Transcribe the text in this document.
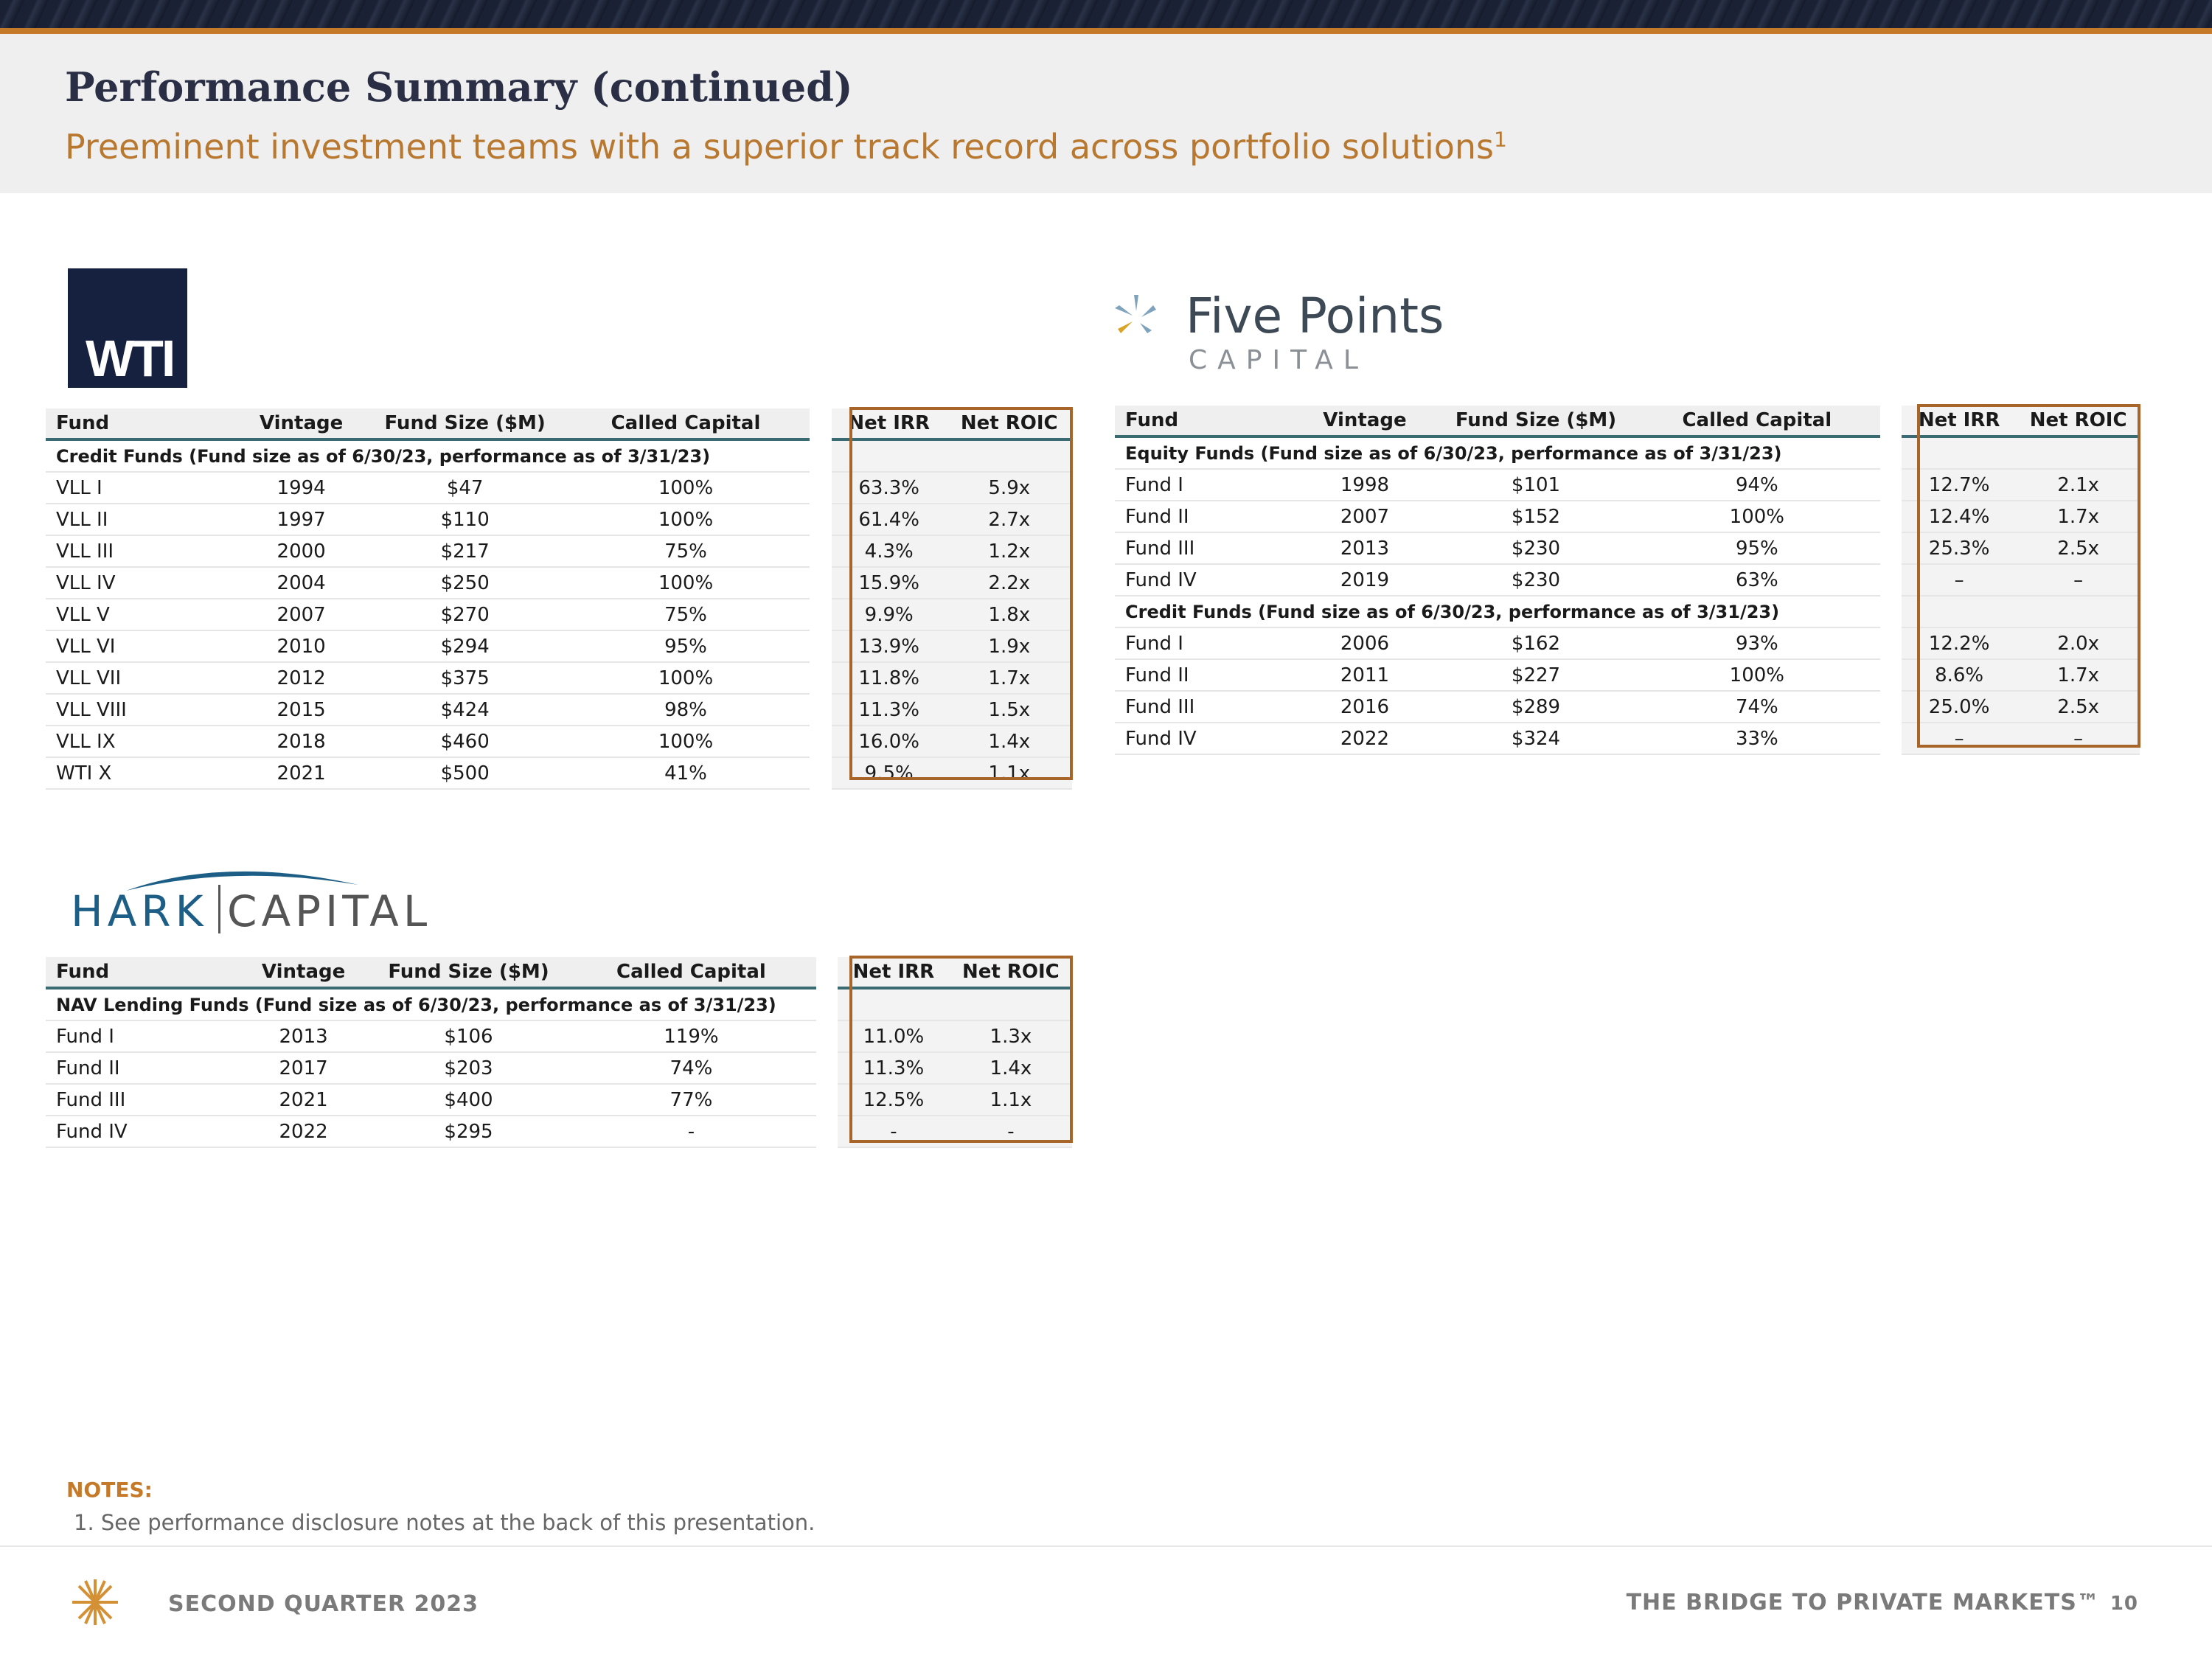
Performance Summary (continued)
Preeminent investment teams with a superior track record across portfolio solutions$^1$
WTI
Five Points
CAPITAL
HARK CAPITAL
Fund	Vintage	Fund Size ($M)	Called Capital		Net IRR	Net ROIC
Credit Funds (Fund size as of 6/30/23, performance as of 3/31/23)						
VLL I	1994	$47	100%		63.3%	5.9x
VLL II	1997	$110	100%		61.4%	2.7x
VLL III	2000	$217	75%		4.3%	1.2x
VLL IV	2004	$250	100%		15.9%	2.2x
VLL V	2007	$270	75%		9.9%	1.8x
VLL VI	2010	$294	95%		13.9%	1.9x
VLL VII	2012	$375	100%		11.8%	1.7x
VLL VIII	2015	$424	98%		11.3%	1.5x
VLL IX	2018	$460	100%		16.0%	1.4x
WTI X	2021	$500	41%		9.5%	1.1x
Fund	Vintage	Fund Size ($M)	Called Capital		Net IRR	Net ROIC
Equity Funds (Fund size as of 6/30/23, performance as of 3/31/23)						
Fund I	1998	$101	94%		12.7%	2.1x
Fund II	2007	$152	100%		12.4%	1.7x
Fund III	2013	$230	95%		25.3%	2.5x
Fund IV	2019	$230	63%		–	–
Credit Funds (Fund size as of 6/30/23, performance as of 3/31/23)						
Fund I	2006	$162	93%		12.2%	2.0x
Fund II	2011	$227	100%		8.6%	1.7x
Fund III	2016	$289	74%		25.0%	2.5x
Fund IV	2022	$324	33%		–	–
Fund	Vintage	Fund Size ($M)	Called Capital		Net IRR	Net ROIC
NAV Lending Funds (Fund size as of 6/30/23, performance as of 3/31/23)						
Fund I	2013	$106	119%		11.0%	1.3x
Fund II	2017	$203	74%		11.3%	1.4x
Fund III	2021	$400	77%		12.5%	1.1x
Fund IV	2022	$295	-		-	-
NOTES:
1. See performance disclosure notes at the back of this presentation.
SECOND QUARTER 2023	THE BRIDGE TO PRIVATE MARKETS™ 10
